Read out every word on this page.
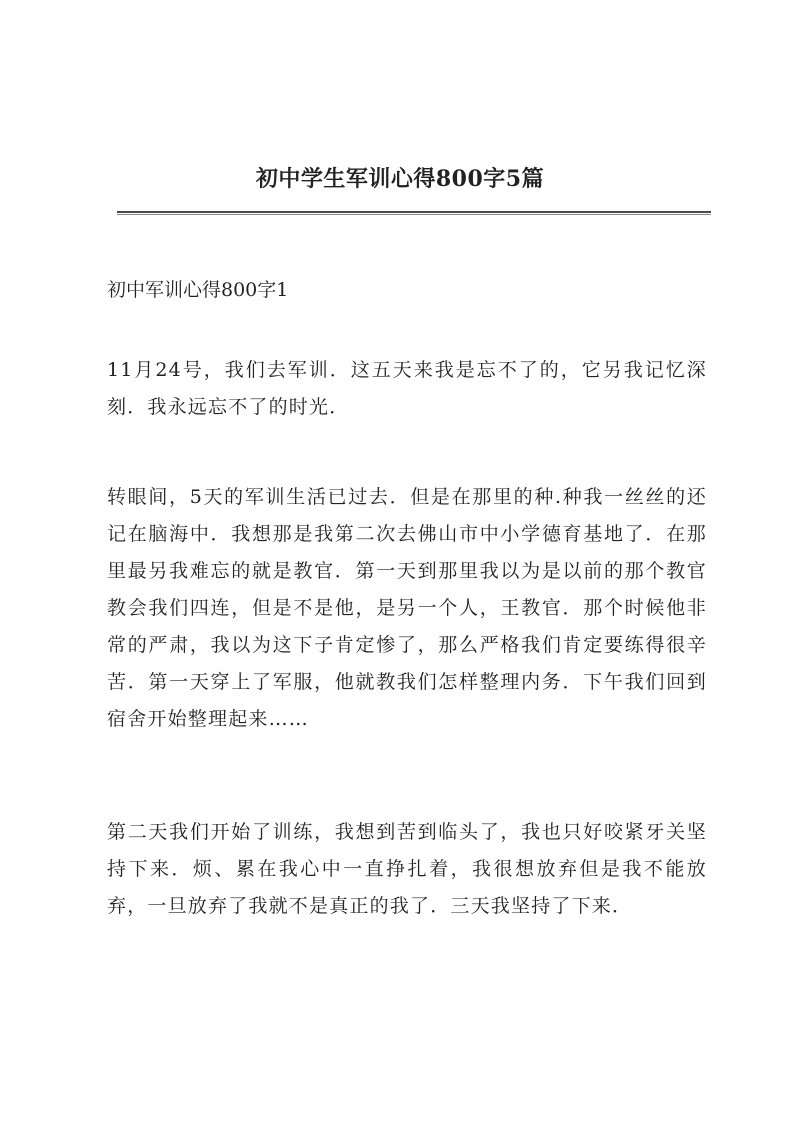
初中学生军训心得800字5篇
初中军训心得800字1

11月24号，我们去军训．这五天来我是忘不了的，它另我记忆深刻．我永远忘不了的时光．

转眼间，5天的军训生活已过去．但是在那里的种.种我一丝丝的还记在脑海中．我想那是我第二次去佛山市中小学德育基地了．在那里最另我难忘的就是教官．第一天到那里我以为是以前的那个教官教会我们四连，但是不是他，是另一个人，王教官．那个时候他非常的严肃，我以为这下子肯定惨了，那么严格我们肯定要练得很辛苦．第一天穿上了军服，他就教我们怎样整理内务．下午我们回到宿舍开始整理起来……

第二天我们开始了训练，我想到苦到临头了，我也只好咬紧牙关坚持下来．烦、累在我心中一直挣扎着，我很想放弃但是我不能放弃，一旦放弃了我就不是真正的我了．三天我坚持了下来．
